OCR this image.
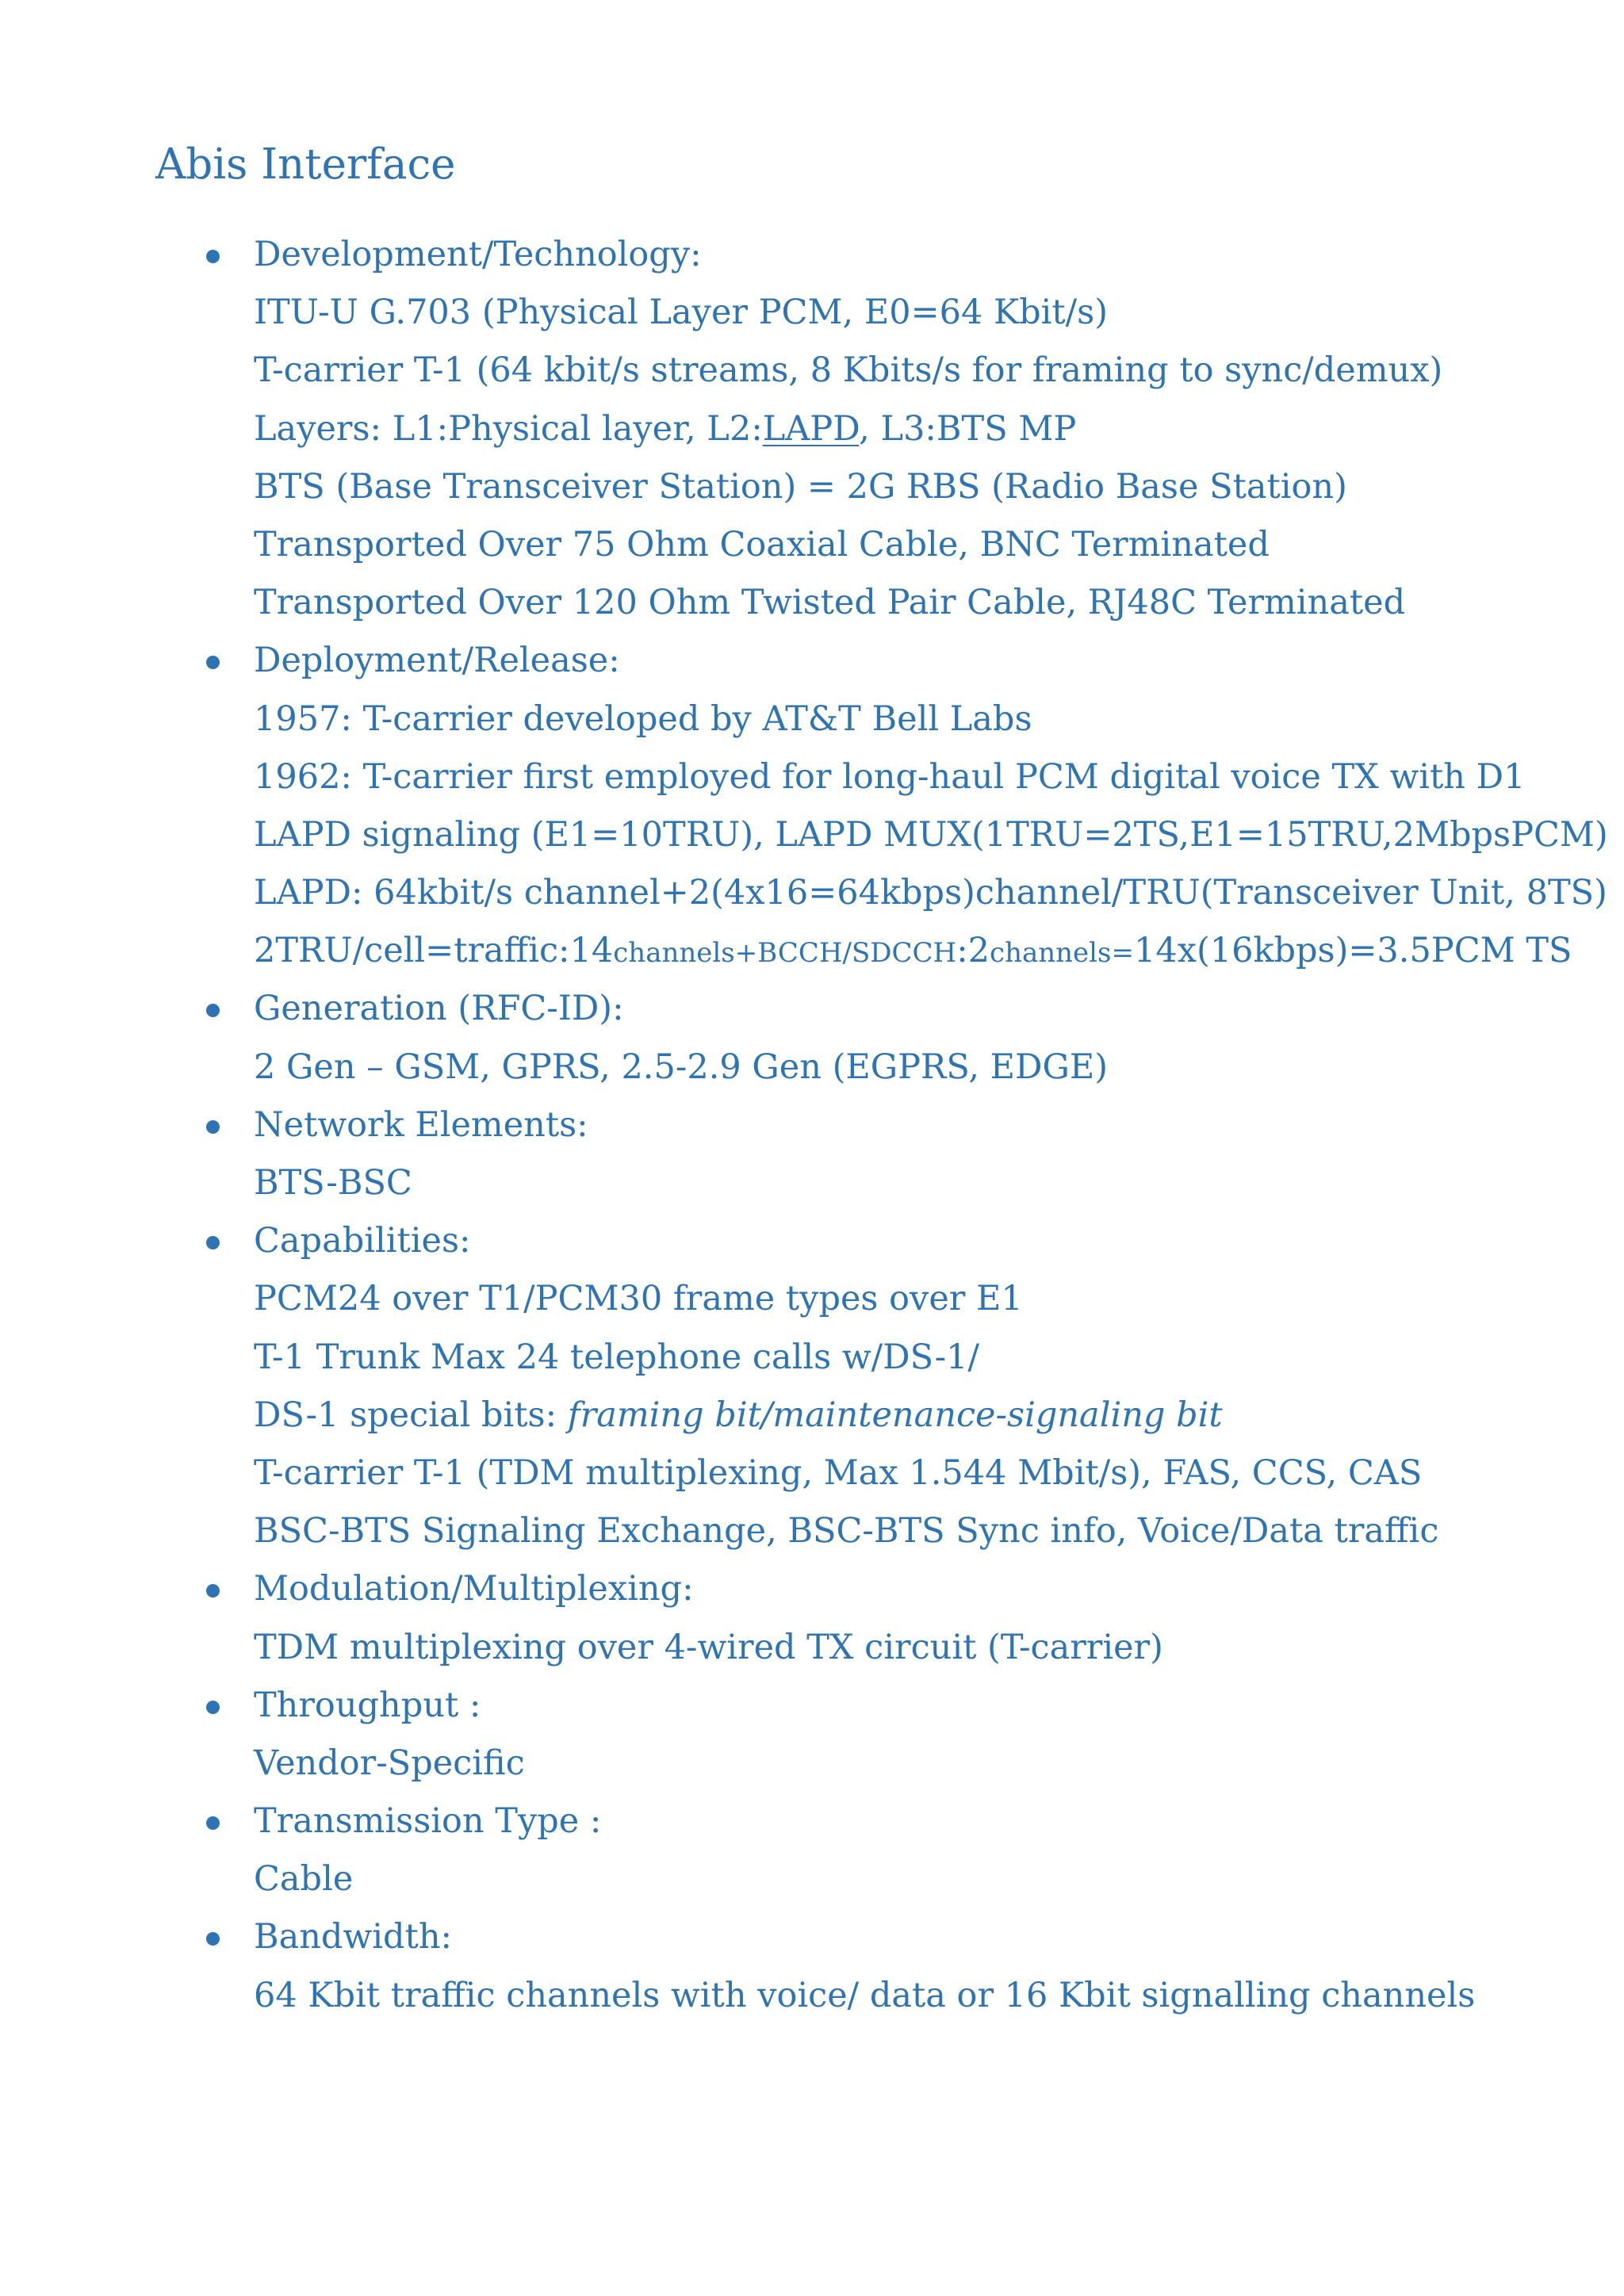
Abis Interface
Development/Technology:
ITU-U G.703 (Physical Layer PCM, E0=64 Kbit/s)
T-carrier T-1 (64 kbit/s streams, 8 Kbits/s for framing to sync/demux)
Layers: L1:Physical layer, L2:LAPD, L3:BTS MP
BTS (Base Transceiver Station) = 2G RBS (Radio Base Station)
Transported Over 75 Ohm Coaxial Cable, BNC Terminated
Transported Over 120 Ohm Twisted Pair Cable, RJ48C Terminated
Deployment/Release:
1957: T-carrier developed by AT&T Bell Labs
1962: T-carrier first employed for long-haul PCM digital voice TX with D1
LAPD signaling (E1=10TRU), LAPD MUX(1TRU=2TS,E1=15TRU,2MbpsPCM)
LAPD: 64kbit/s channel+2(4x16=64kbps)channel/TRU(Transceiver Unit, 8TS)
2TRU/cell=traffic:14channels+BCCH/SDCCH:2channels=14x(16kbps)=3.5PCM TS
Generation (RFC-ID):
2 Gen – GSM, GPRS, 2.5-2.9 Gen (EGPRS, EDGE)
Network Elements:
BTS-BSC
Capabilities:
PCM24 over T1/PCM30 frame types over E1
T-1 Trunk Max 24 telephone calls w/DS-1/
DS-1 special bits: framing bit/maintenance-signaling bit
T-carrier T-1 (TDM multiplexing, Max 1.544 Mbit/s), FAS, CCS, CAS
BSC-BTS Signaling Exchange, BSC-BTS Sync info, Voice/Data traffic
Modulation/Multiplexing:
TDM multiplexing over 4-wired TX circuit (T-carrier)
Throughput :
Vendor-Specific
Transmission Type :
Cable
Bandwidth:
64 Kbit traffic channels with voice/ data or 16 Kbit signalling channels
